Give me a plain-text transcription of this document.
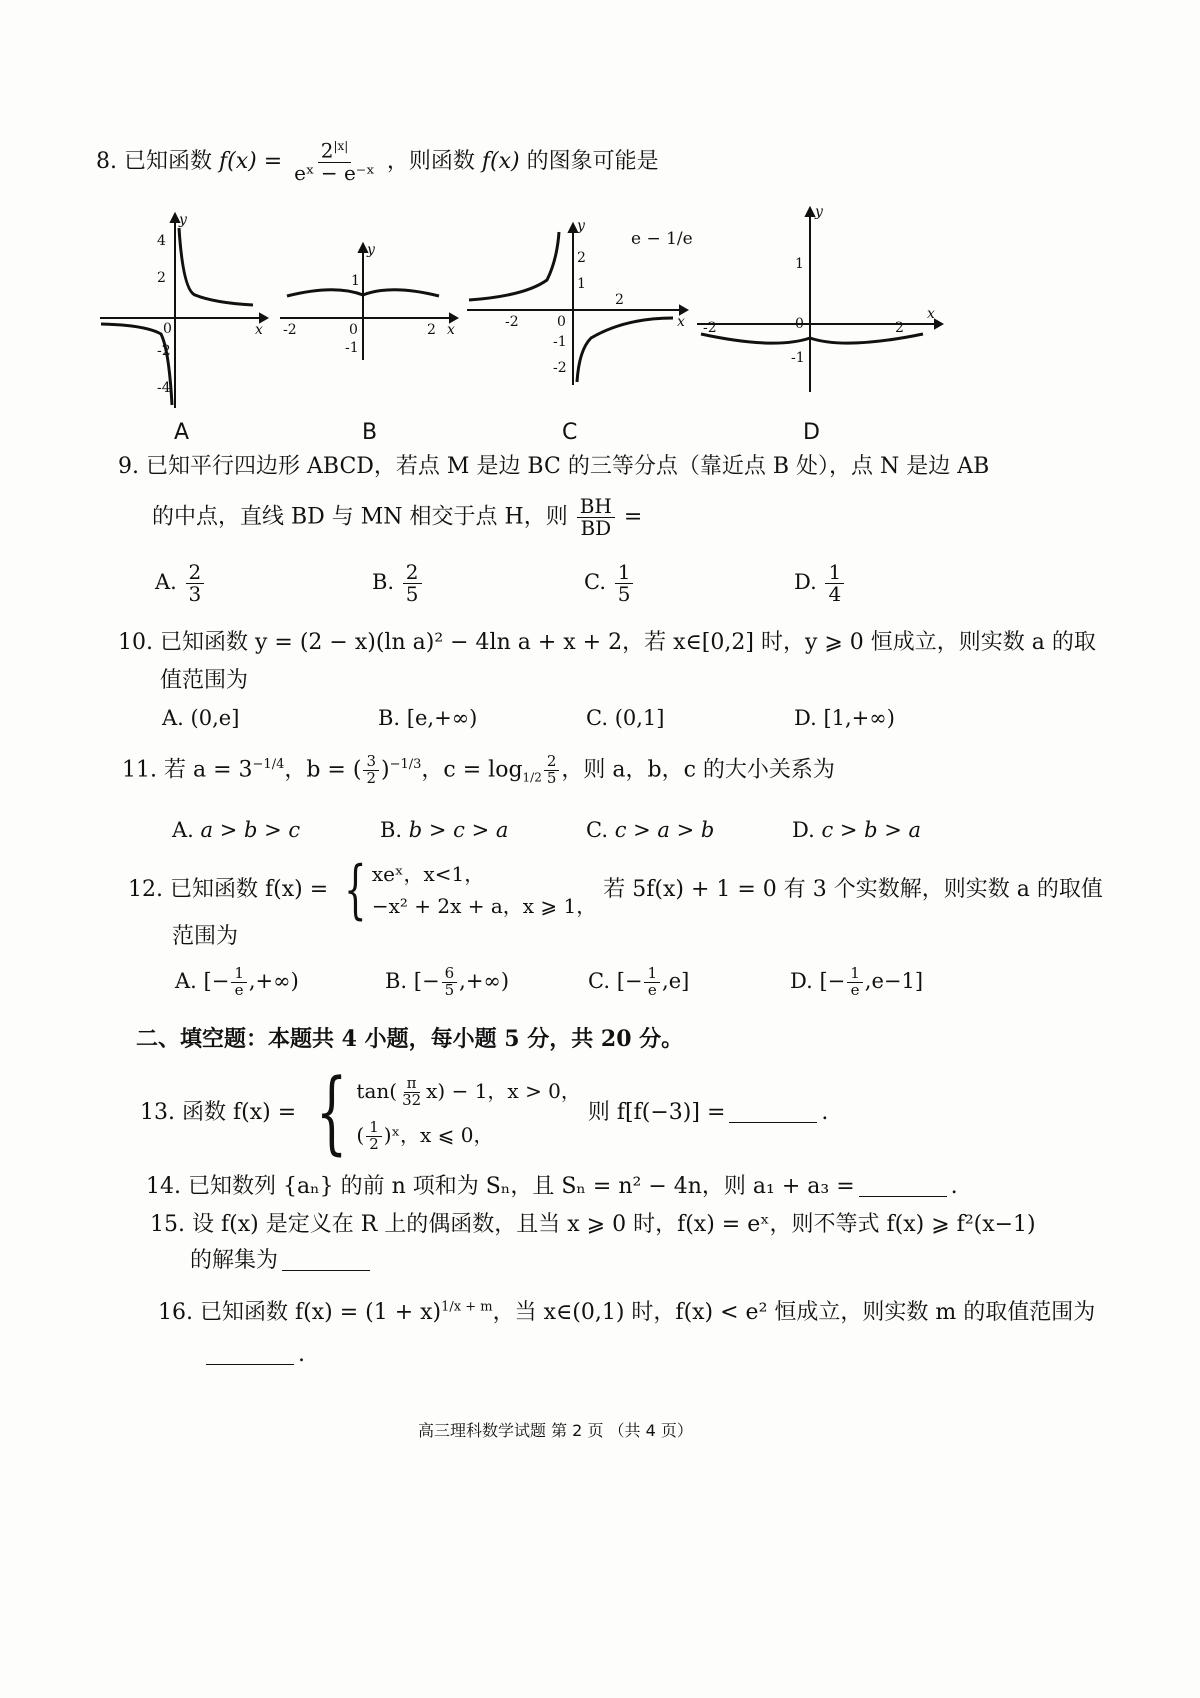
8. 已知函数 $f(x) = \frac{2^{|x|}}{\text{eˣ − e⁻ˣ}}$ ，则函数 f(x) 的图象可能是
4
2
0
-2
-4
x
y
1
-1
-2	0	2 x
y	2
1
-1
-2
-2	0
2
x
y
1
-1
-2	0	2
x
y
e − 1/e
A	B	C	D
9. 已知平行四边形 ABCD，若点 M 是边 BC 的三等分点（靠近点 B 处），点 N 是边 AB
的中点，直线 BD 与 MN 相交于点 H，则 $\frac{BH}{BD}$ =
A. $\frac{2}{3}$	B. $\frac{2}{5}$	C. $\frac{1}{5}$	D. $\frac{1}{4}$
10. 已知函数 y = (2 − x)(ln a)² − 4ln a + x + 2，若 x∈[0,2] 时，y ⩾ 0 恒成立，则实数 a 的取
值范围为
A. (0,e]	B. [e,+∞)	C. (0,1]	D. [1,+∞)
11. 若 $a = 3^{-1/4}$，b = ( $\frac{3}{2} )^{-1/3}$，$c = \log_{1/2} \frac{2}{5}$ ，则 a，b，c 的大小关系为
A. a > b > c	B. b > c > a	C. c > a > b	D. c > b > a
12. 已知函数 f(x) = { xeˣ，x<1，
−x² + 2x + a，x ⩾ 1，
若 5f(x) + 1 = 0 有 3 个实数解，则实数 a 的取值
范围为
A. [− $\frac{1}{e}$ ,+∞)	B. [− $\frac{6}{5}$ ,+∞)	C. [− $\frac{1}{e} ,e$]	D. [− $\frac{1}{e} ,e-1$]
二、填空题：本题共 4 小题，每小题 5 分，共 20 分。
13. 函数 f(x) = { $\tan( \frac{\pi}{32} x) - 1$，x > 0，
( $\frac{1}{2}$ )ˣ，x ⩽ 0，
则 f[f(−3)] =	.
14. 已知数列 {aₙ} 的前 n 项和为 Sₙ，且 Sₙ = n² − 4n，则 a₁ + a₃ =	.
15. 设 f(x) 是定义在 R 上的偶函数，且当 x ⩾ 0 时，f(x) = eˣ，则不等式 f(x) ⩾ f²(x−1)
的解集为
16. 已知函数 $f(x) = (1 + x)^{1/x + m}$，当 x∈(0,1) 时，f(x) < e² 恒成立，则实数 m 的取值范围为
.
高三理科数学试题 第 2 页 （共 4 页）
